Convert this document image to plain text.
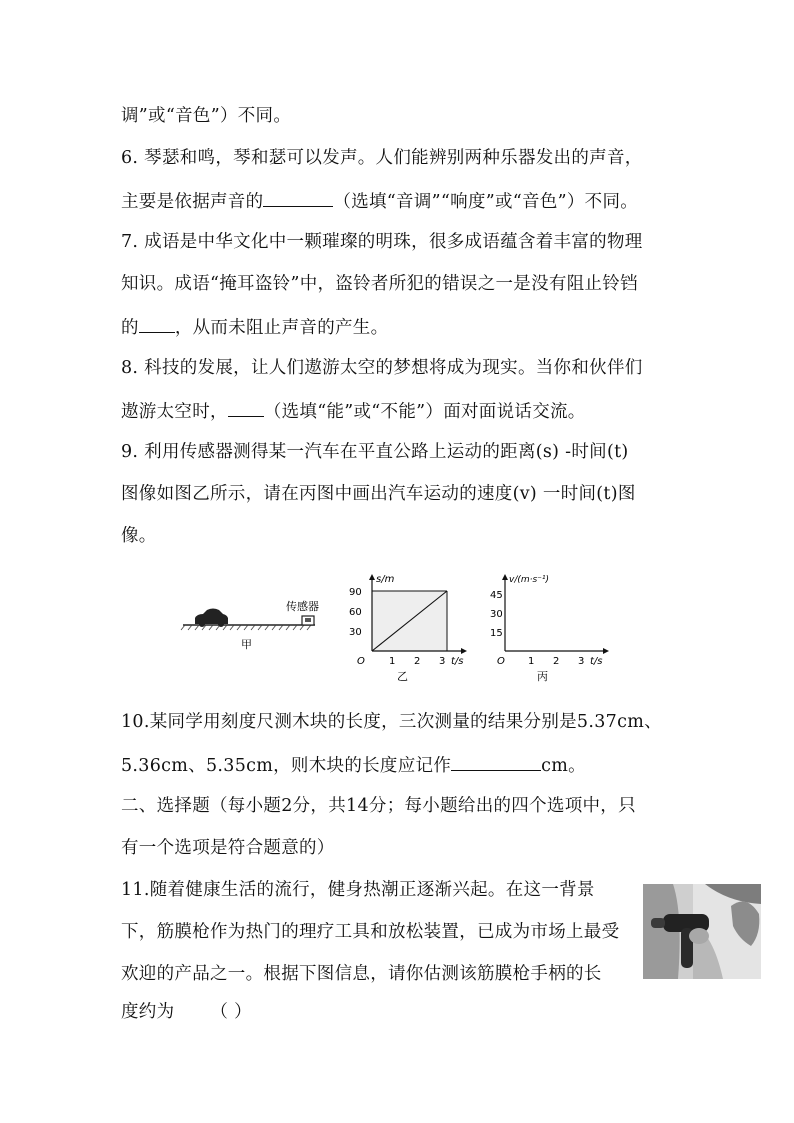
调”或“音色”）不同。
6. 琴瑟和鸣，琴和瑟可以发声。人们能辨别两种乐器发出的声音，
主要是依据声音的	（选填“音调”“响度”或“音色”）不同。
7. 成语是中华文化中一颗璀璨的明珠，很多成语蕴含着丰富的物理
知识。成语“掩耳盗铃”中，盗铃者所犯的错误之一是没有阻止铃铛
的 ，从而未阻止声音的产生。
8. 科技的发展，让人们遨游太空的梦想将成为现实。当你和伙伴们
遨游太空时， （选填“能”或“不能”）面对面说话交流。
9. 利用传感器测得某一汽车在平直公路上运动的距离(s) -时间(t)
图像如图乙所示，请在丙图中画出汽车运动的速度(v) 一时间(t)图
像。
10.某同学用刻度尺测木块的长度，三次测量的结果分别是5.37cm、
5.36cm、5.35cm，则木块的长度应记作	cm。
二、选择题（每小题2分，共14分；每小题给出的四个选项中，只
有一个选项是符合题意的）
11.随着健康生活的流行，健身热潮正逐渐兴起。在这一背景
下，筋膜枪作为热门的理疗工具和放松装置，已成为市场上最受
欢迎的产品之一。根据下图信息，请你估测该筋膜枪手柄的长
度约为 （ ）
传感器
甲
s/m
90
60
30
O 1 2 3 t/s
乙
v/(m·s⁻¹)
45
30
15
O 1 2 3 t/s
丙
